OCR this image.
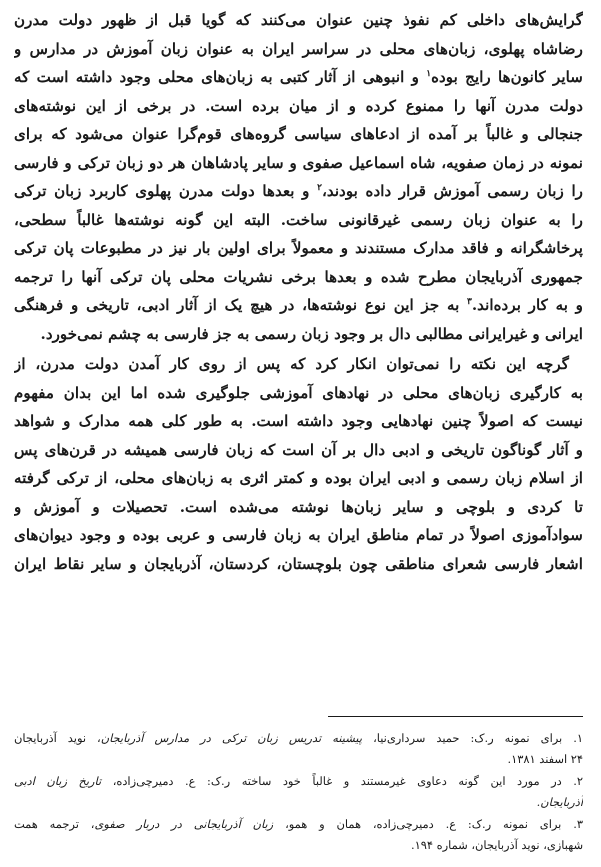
گرایش‌های داخلی کم نفوذ چنین عنوان می‌کنند که گویا قبل از ظهور دولت مدرن
رضاشاه پهلوی، زبان‌های محلی در سراسر ایران به عنوان زبان آموزش در مدارس و
سایر کانون‌ها رایج بوده$^۱$ و انبوهی از آثار کتبی به زبان‌های محلی وجود داشته است که
دولت مدرن آنها را ممنوع کرده و از میان برده است. در برخی از این نوشته‌های
جنجالی و غالباً بر آمده از ادعاهای سیاسی گروه‌های قوم‌گرا عنوان می‌شود که برای
نمونه در زمان صفویه، شاه اسماعیل صفوی و سایر پادشاهان هر دو زبان ترکی و فارسی
را زبان رسمی آموزش قرار داده بودند،$^۲$ و بعدها دولت مدرن پهلوی کاربرد زبان ترکی
را به عنوان زبان رسمی غیرقانونی ساخت. البته این گونه نوشته‌ها غالباً سطحی،
پرخاشگرانه و فاقد مدارک مستندند و معمولاً برای اولین بار نیز در مطبوعات پان ترکی
جمهوری آذربایجان مطرح شده و بعدها برخی نشریات محلی پان ترکی آنها را ترجمه
و به کار برده‌اند.$^۳$ به جز این نوع نوشته‌ها، در هیچ یک از آثار ادبی، تاریخی و فرهنگی
ایرانی و غیرایرانی مطالبی دال بر وجود زبان رسمی به جز فارسی به چشم نمی‌خورد.
گرچه این نکته را نمی‌توان انکار کرد که پس از روی کار آمدن دولت مدرن، از
به کارگیری زبان‌های محلی در نهادهای آموزشی جلوگیری شده اما این بدان مفهوم
نیست که اصولاً چنین نهادهایی وجود داشته است. به طور کلی همه مدارک و شواهد
و آثار گوناگون تاریخی و ادبی دال بر آن است که زبان فارسی همیشه در قرن‌های پس
از اسلام زبان رسمی و ادبی ایران بوده و کمتر اثری به زبان‌های محلی، از ترکی گرفته
تا کردی و بلوچی و سایر زبان‌ها نوشته می‌شده است. تحصیلات و آموزش و
سوادآموزی اصولاً در تمام مناطق ایران به زبان فارسی و عربی بوده و وجود دیوان‌های
اشعار فارسی شعرای مناطقی چون بلوچستان، کردستان، آذربایجان و سایر نقاط ایران
۱. برای نمونه ر.ک: حمید سرداری‌نیا، پیشینه تدریس زبان ترکی در مدارس آذربایجان، نوید آذربایجان
۲۴ اسفند ۱۳۸۱.
۲. در مورد این گونه دعاوی غیرمستند و غالباً خود ساخته ر.ک: ع. دمیرچی‌زاده، تاریخ زبان ادبی
آذربایجان.
۳. برای نمونه ر.ک: ع. دمیرچی‌زاده، همان و همو، زبان آذربایجانی در دربار صفوی، ترجمه همت
شهبازی، نوید آذربایجان، شماره ۱۹۴.
